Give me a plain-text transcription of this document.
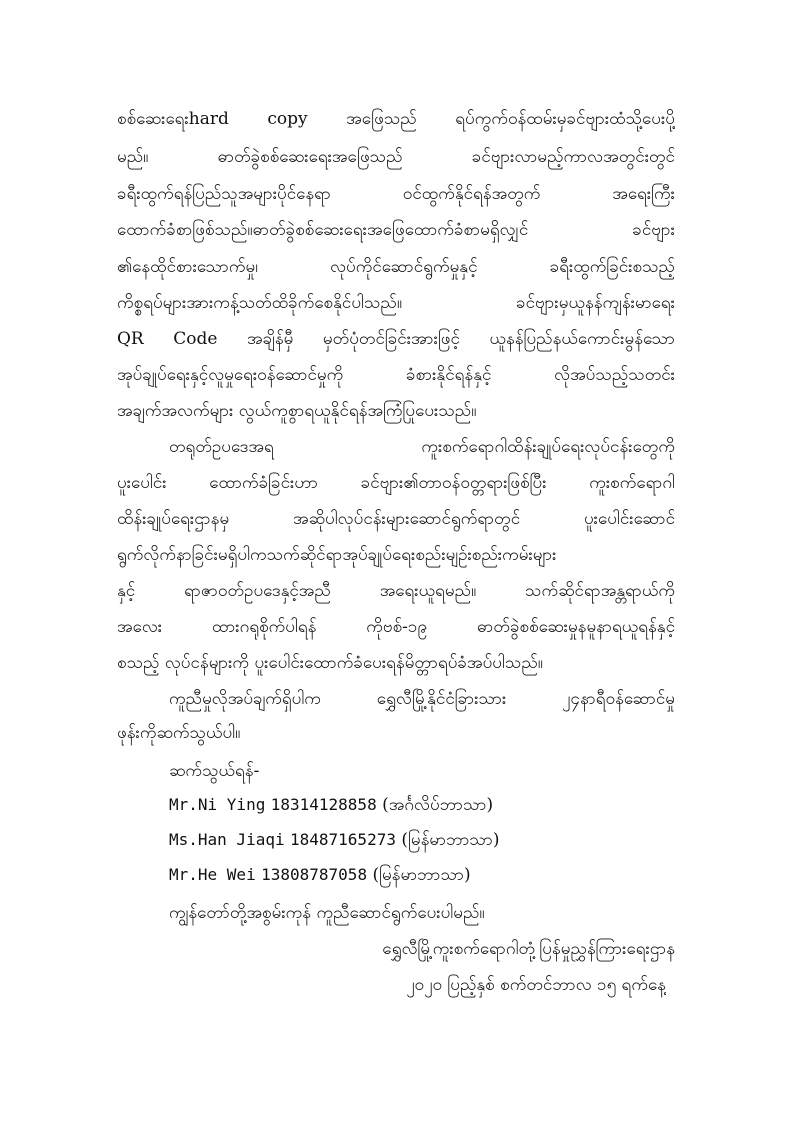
စစ်ဆေးရေးhard copy အဖြေသည် ရပ်ကွက်ဝန်ထမ်းမှခင်ဗျားထံသို့ပေးပို့
မည်။ ဓာတ်ခွဲစစ်ဆေးရေးအဖြေသည် ခင်ဗျားလာမည့်ကာလအတွင်းတွင်
ခရီးထွက်ရန်ပြည်သူအများပိုင်နေရာ ဝင်ထွက်နိုင်ရန်အတွက် အရေးကြီး
ထောက်ခံစာဖြစ်သည်။ဓာတ်ခွဲစစ်ဆေးရေးအဖြေထောက်ခံစာမရှိလျှင် ခင်ဗျား
၏နေထိုင်စားသောက်မှု၊ လုပ်ကိုင်ဆောင်ရွက်မှုနှင့် ခရီးထွက်ခြင်းစသည့်
ကိစ္စရပ်များအားကန့်သတ်ထိခိုက်စေနိုင်ပါသည်။ ခင်ဗျားမှယူနန်ကျန်းမာရေး
QR Code အချိန်မှီ မှတ်ပုံတင်ခြင်းအားဖြင့် ယူနန်ပြည်နယ်ကောင်းမွန်သော
အုပ်ချုပ်ရေးနှင့်လူမှုရေးဝန်ဆောင်မှုကို ခံစားနိုင်ရန်နှင့် လိုအပ်သည့်သတင်း
အချက်အလက်များ လွယ်ကူစွာရယူနိုင်ရန်အကြံပြုပေးသည်။
တရုတ်ဥပဒေအရ ကူးစက်ရောဂါထိန်းချုပ်ရေးလုပ်ငန်းတွေကို
ပူးပေါင်း ထောက်ခံခြင်းဟာ ခင်ဗျား၏တာဝန်ဝတ္တရားဖြစ်ပြီး ကူးစက်ရောဂါ
ထိန်းချုပ်ရေးဌာနမှ အဆိုပါလုပ်ငန်းများဆောင်ရွက်ရာတွင် ပူးပေါင်းဆောင်
ရွက်လိုက်နာခြင်းမရှိပါကသက်ဆိုင်ရာအုပ်ချုပ်ရေးစည်းမျဉ်းစည်းကမ်းများ
နှင့် ရာဇာဝတ်ဥပဒေနှင့်အညီ အရေးယူရမည်။ သက်ဆိုင်ရာအန္တရာယ်ကို
အလေး ထားဂရုစိုက်ပါရန် ကိုဗစ်-၁၉ ဓာတ်ခွဲစစ်ဆေးမှုနမူနာရယူရန်နှင့်
စသည့် လုပ်ငန်များကို ပူးပေါင်းထောက်ခံပေးရန်မိတ္တာရပ်ခံအပ်ပါသည်။
ကူညီမှုလိုအပ်ချက်ရှိပါက ရွှေလီမြို့နိုင်ငံခြားသား ၂၄နာရီဝန်ဆောင်မှု
ဖုန်းကိုဆက်သွယ်ပါ။
ဆက်သွယ်ရန်-
Mr.Ni Ying 18314128858 (အင်္ဂလိပ်ဘာသာ)
Ms.Han Jiaqi 18487165273 (မြန်မာဘာသာ)
Mr.He Wei 13808787058 (မြန်မာဘာသာ)
ကျွန်တော်တို့အစွမ်းကုန် ကူညီဆောင်ရွက်ပေးပါမည်။
ရွှေလီမြို့ကူးစက်ရောဂါတုံ့ပြန်မှုညွှန်ကြားရေးဌာန
၂၀၂၀ ပြည့်နှစ် စက်တင်ဘာလ ၁၅ ရက်နေ့
